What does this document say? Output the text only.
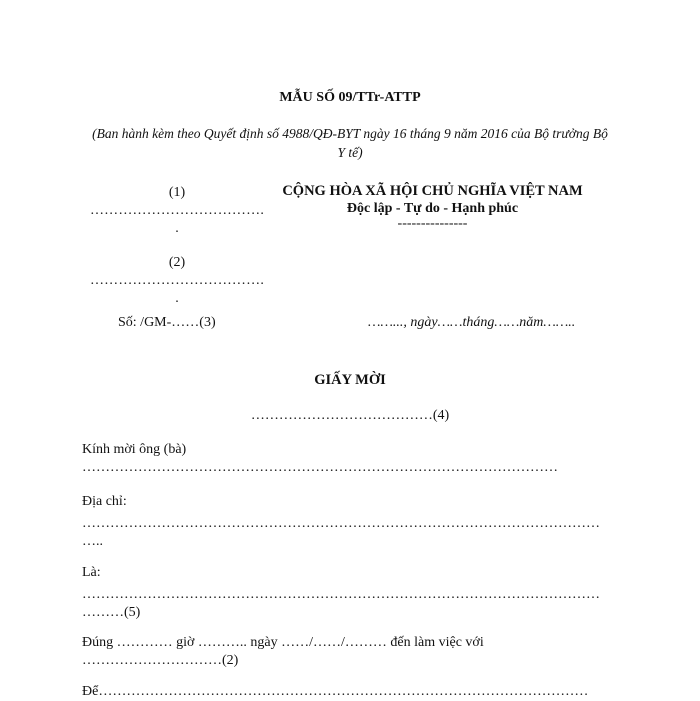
MẪU SỐ 09/TTr-ATTP
(Ban hành kèm theo Quyết định số 4988/QĐ-BYT ngày 16 tháng 9 năm 2016 của Bộ trưởng Bộ Y tế)
(1)
……………………………….
.
(2)
……………………………….
.
CỘNG HÒA XÃ HỘI CHỦ NGHĨA VIỆT NAM
Độc lập - Tự do - Hạnh phúc
---------------
Số: /GM-……(3)	……..., ngày……tháng……năm……..
GIẤY MỜI
…………………………………(4)
Kính mời ông (bà)
…………………………………………………………………………………………
Địa chỉ:
…………………………………………………………………………………………………
…..
Là:
…………………………………………………………………………………………………
………(5)
Đúng ………… giờ ……….. ngày ……/……/……… đến làm việc với
…………………………(2)
Để……………………………………………………………………………………………
